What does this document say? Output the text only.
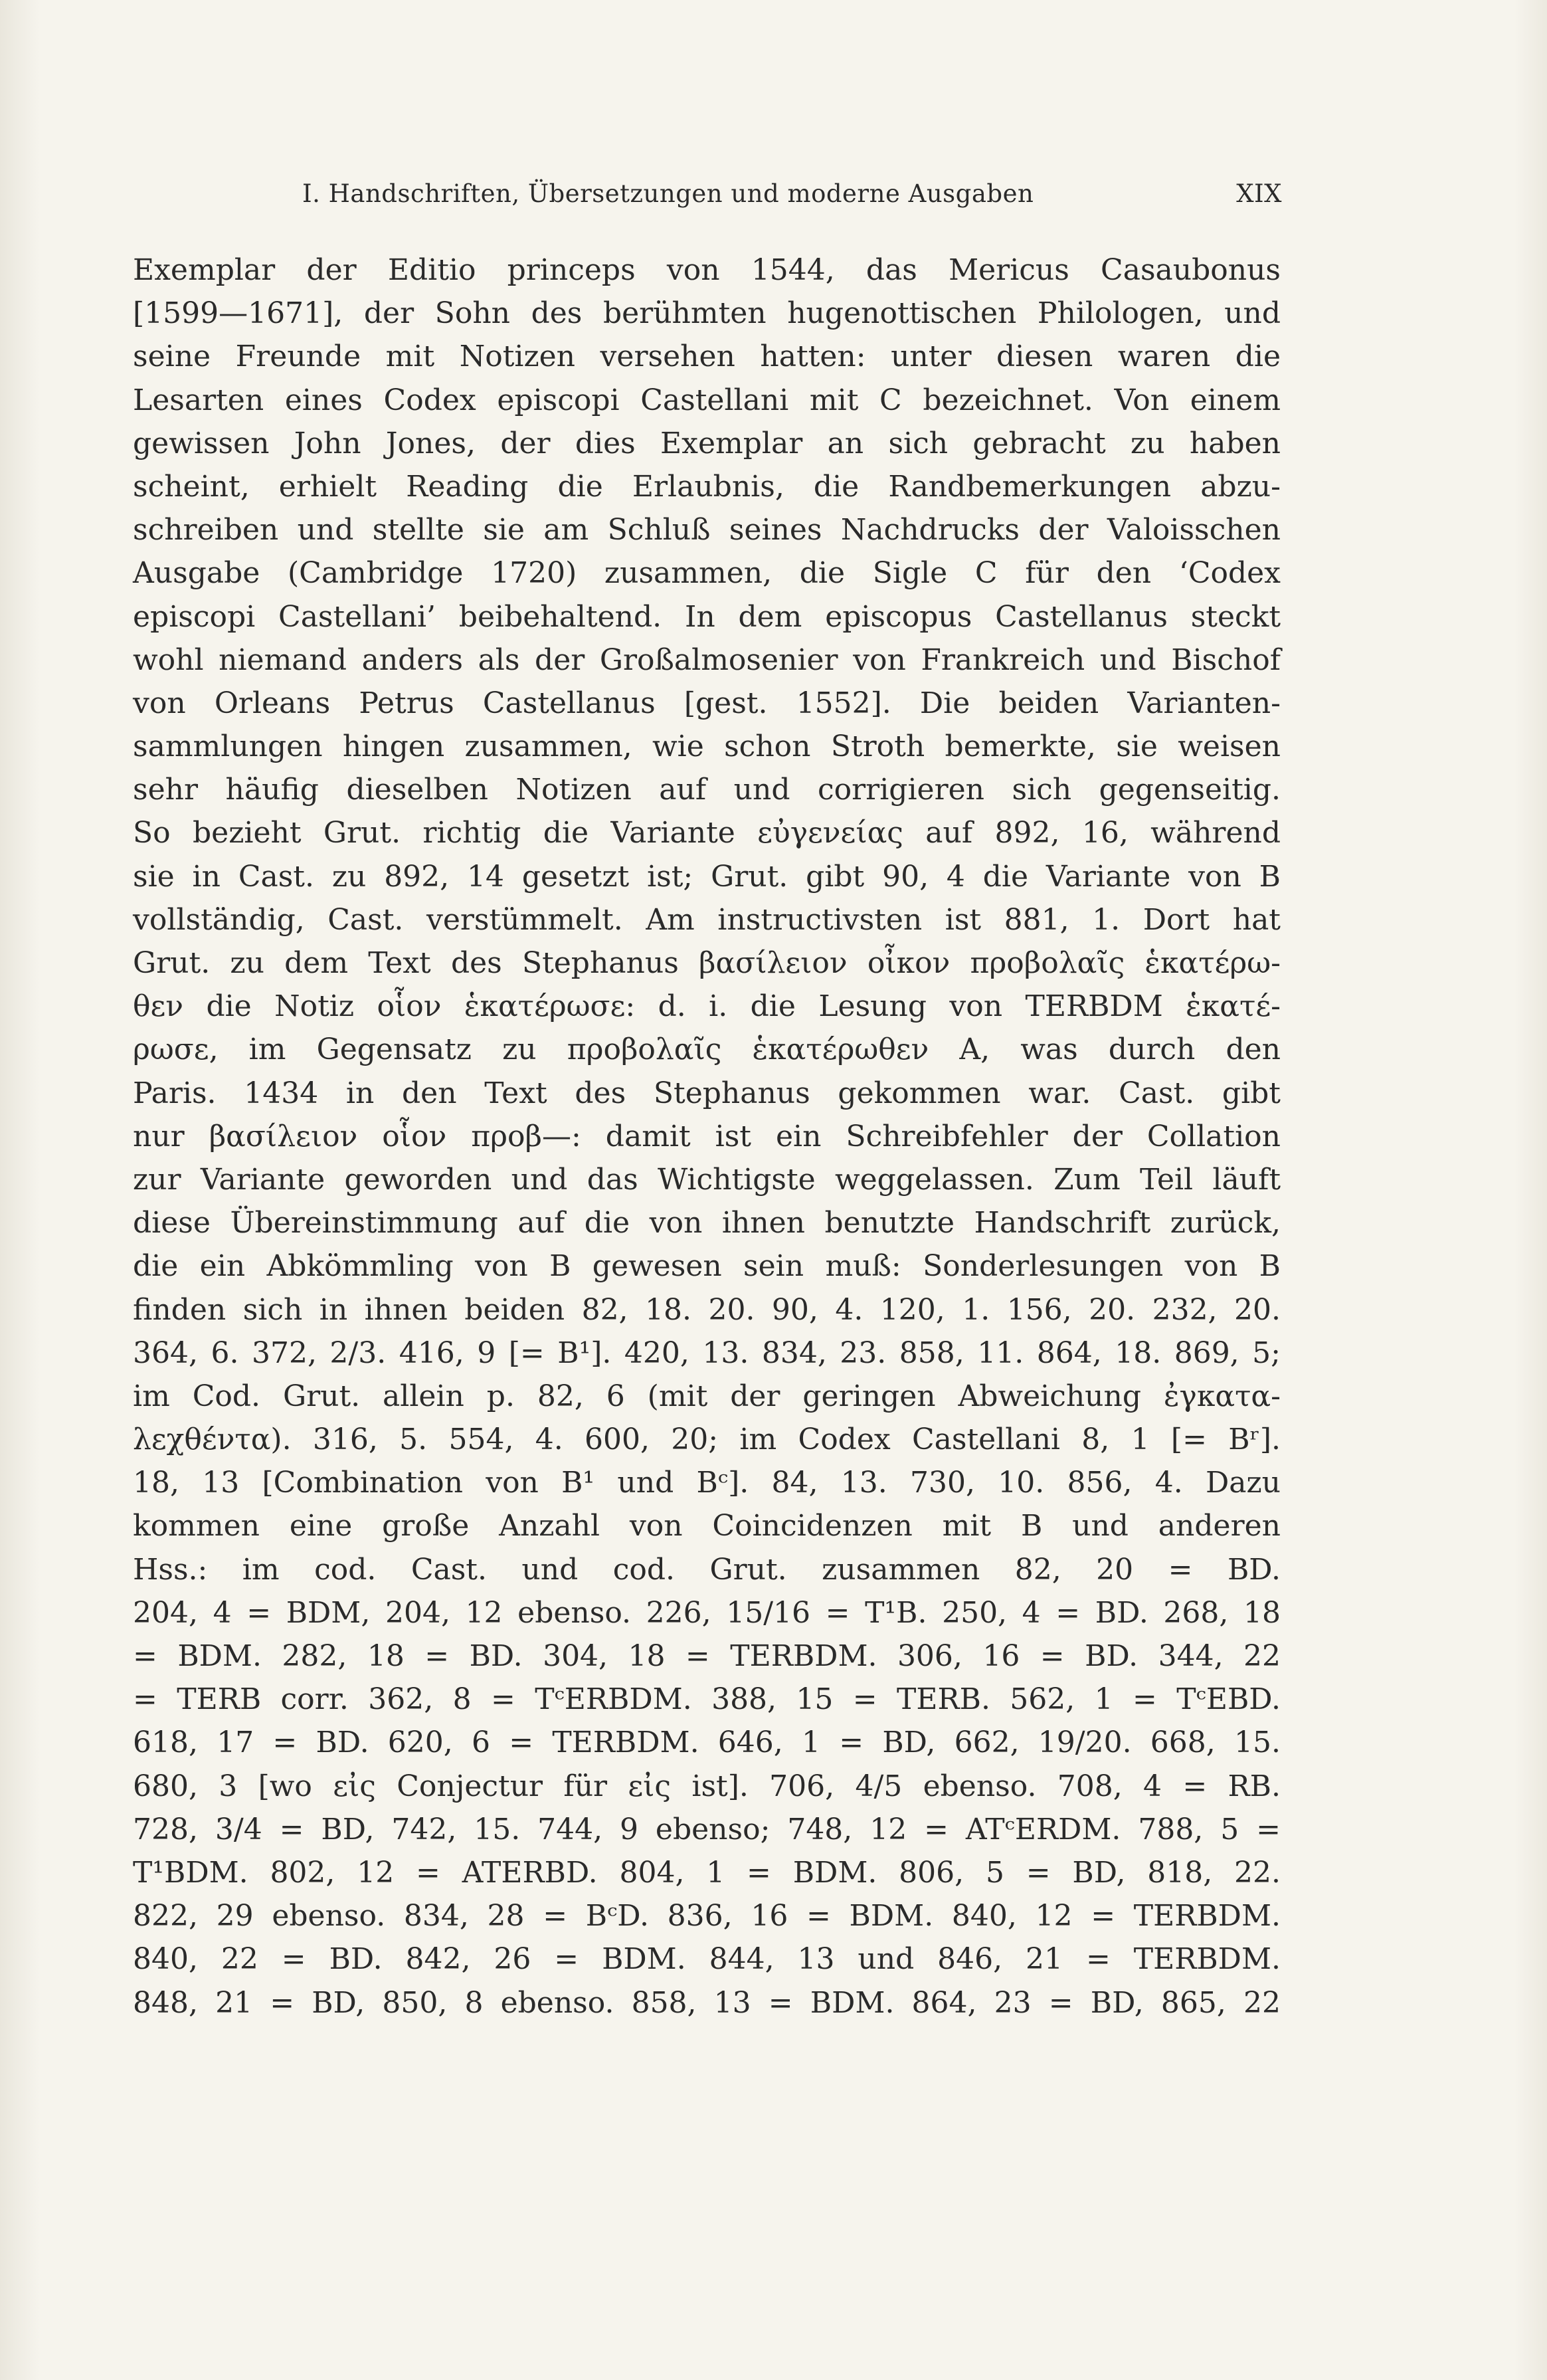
I. Handschriften, Übersetzungen und moderne Ausgaben	XIX
Exemplar der Editio princeps von 1544, das Mericus Casaubonus
[1599—1671], der Sohn des berühmten hugenottischen Philologen, und
seine Freunde mit Notizen versehen hatten: unter diesen waren die
Lesarten eines Codex episcopi Castellani mit C bezeichnet. Von einem
gewissen John Jones, der dies Exemplar an sich gebracht zu haben
scheint, erhielt Reading die Erlaubnis, die Randbemerkungen abzu-
schreiben und stellte sie am Schluß seines Nachdrucks der Valoisschen
Ausgabe (Cambridge 1720) zusammen, die Sigle C für den ‘Codex
episcopi Castellani’ beibehaltend. In dem episcopus Castellanus steckt
wohl niemand anders als der Großalmosenier von Frankreich und Bischof
von Orleans Petrus Castellanus [gest. 1552]. Die beiden Varianten-
sammlungen hingen zusammen, wie schon Stroth bemerkte, sie weisen
sehr häufig dieselben Notizen auf und corrigieren sich gegenseitig.
So bezieht Grut. richtig die Variante εὐγενείας auf 892, 16, während
sie in Cast. zu 892, 14 gesetzt ist; Grut. gibt 90, 4 die Variante von B
vollständig, Cast. verstümmelt. Am instructivsten ist 881, 1. Dort hat
Grut. zu dem Text des Stephanus βασίλειον οἶκον προβολαῖς ἑκατέρω-
θεν die Notiz οἷον ἑκατέρωσε: d. i. die Lesung von TERBDM ἑκατέ-
ρωσε, im Gegensatz zu προβολαῖς ἑκατέρωθεν A, was durch den
Paris. 1434 in den Text des Stephanus gekommen war. Cast. gibt
nur βασίλειον οἷον προβ—: damit ist ein Schreibfehler der Collation
zur Variante geworden und das Wichtigste weggelassen. Zum Teil läuft
diese Übereinstimmung auf die von ihnen benutzte Handschrift zurück,
die ein Abkömmling von B gewesen sein muß: Sonderlesungen von B
finden sich in ihnen beiden 82, 18. 20. 90, 4. 120, 1. 156, 20. 232, 20.
364, 6. 372, 2/3. 416, 9 [= B¹]. 420, 13. 834, 23. 858, 11. 864, 18. 869, 5;
im Cod. Grut. allein p. 82, 6 (mit der geringen Abweichung ἐγκατα-
λεχθέντα). 316, 5. 554, 4. 600, 20; im Codex Castellani 8, 1 [= Bʳ].
18, 13 [Combination von B¹ und Bᶜ]. 84, 13. 730, 10. 856, 4. Dazu
kommen eine große Anzahl von Coincidenzen mit B und anderen
Hss.: im cod. Cast. und cod. Grut. zusammen 82, 20 = BD.
204, 4 = BDM, 204, 12 ebenso. 226, 15/16 = T¹B. 250, 4 = BD. 268, 18
= BDM. 282, 18 = BD. 304, 18 = TERBDM. 306, 16 = BD. 344, 22
= TERB corr. 362, 8 = TᶜERBDM. 388, 15 = TERB. 562, 1 = TᶜEBD.
618, 17 = BD. 620, 6 = TERBDM. 646, 1 = BD, 662, 19/20. 668, 15.
680, 3 [wo εἰς Conjectur für εἰς ist]. 706, 4/5 ebenso. 708, 4 = RB.
728, 3/4 = BD, 742, 15. 744, 9 ebenso; 748, 12 = ATᶜERDM. 788, 5 =
T¹BDM. 802, 12 = ATERBD. 804, 1 = BDM. 806, 5 = BD, 818, 22.
822, 29 ebenso. 834, 28 = BᶜD. 836, 16 = BDM. 840, 12 = TERBDM.
840, 22 = BD. 842, 26 = BDM. 844, 13 und 846, 21 = TERBDM.
848, 21 = BD, 850, 8 ebenso. 858, 13 = BDM. 864, 23 = BD, 865, 22
